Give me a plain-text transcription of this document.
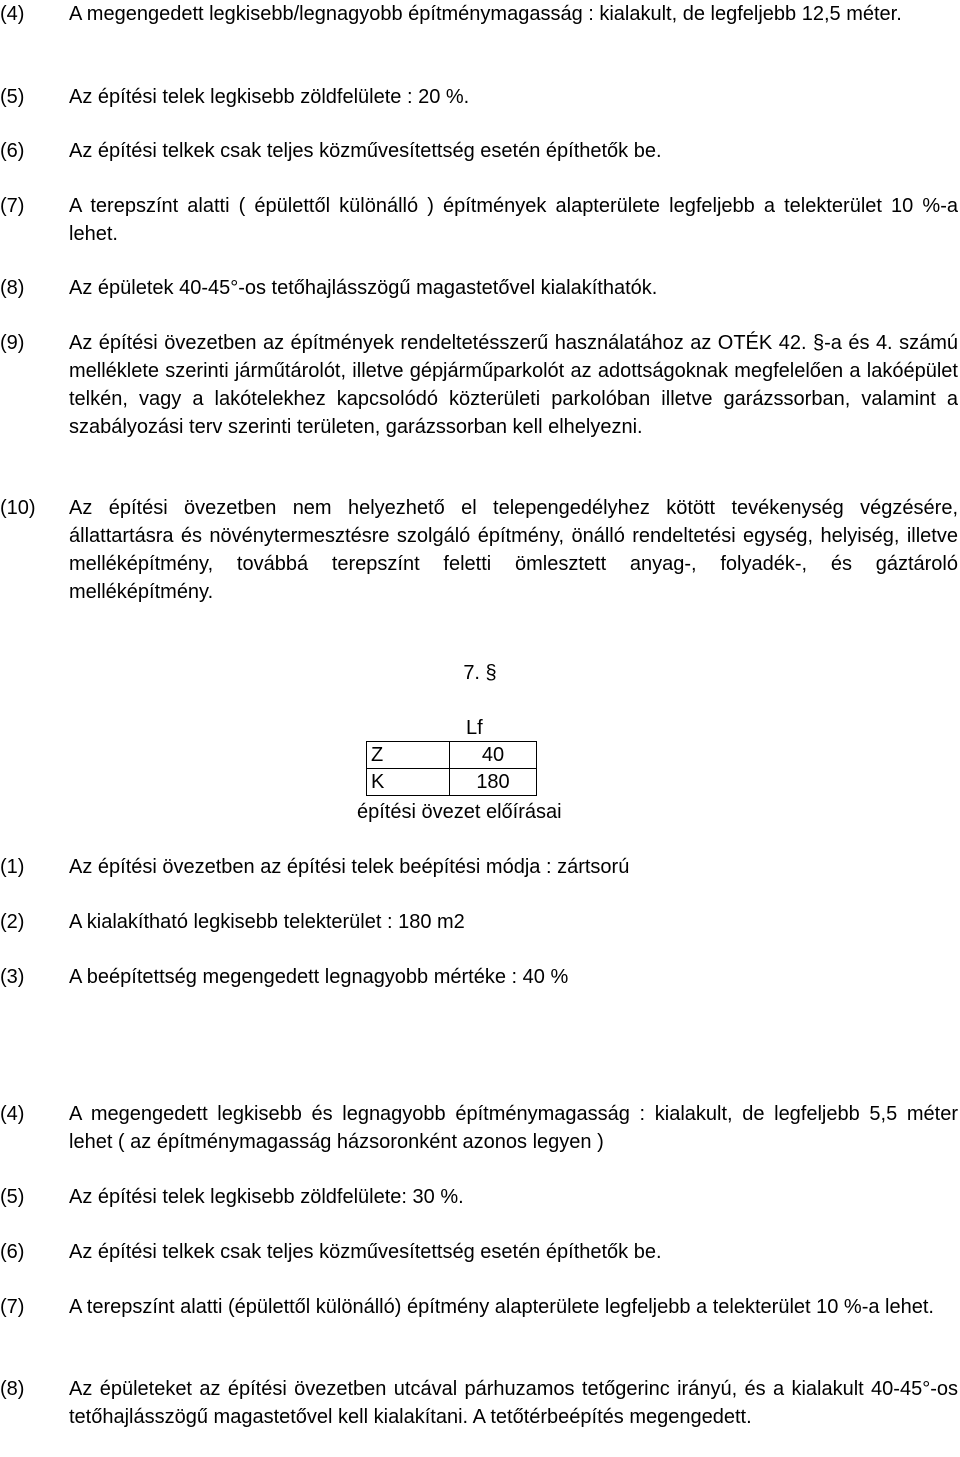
(4)	A megengedett legkisebb/legnagyobb építménymagasság : kialakult, de legfeljebb 12,5 méter.
(5)	Az építési telek legkisebb zöldfelülete : 20 %.
(6)	Az építési telkek csak teljes közművesítettség esetén építhetők be.
(7)	A terepszínt alatti ( épülettől különálló ) építmények alapterülete legfeljebb a telekterület 10 %-a lehet.
(8)	Az épületek 40-45°-os tetőhajlásszögű magastetővel kialakíthatók.
(9)	Az építési övezetben az építmények rendeltetésszerű használatához az OTÉK 42. §-a és 4. számú melléklete szerinti járműtárolót, illetve gépjárműparkolót az adottságoknak megfelelően a lakóépület telkén, vagy a lakótelekhez kapcsolódó közterületi parkolóban illetve garázssorban, valamint a szabályozási terv szerinti területen, garázssorban kell elhelyezni.
(10)	Az építési övezetben nem helyezhető el telepengedélyhez kötött tevékenység végzésére, állattartásra és növénytermesztésre szolgáló építmény, önálló rendeltetési egység, helyiség, illetve melléképítmény, továbbá terepszínt feletti ömlesztett anyag-, folyadék-, és gáztároló melléképítmény.
7. §
Lf
Z	40
K	180
építési övezet előírásai
(1)	Az építési övezetben az építési telek beépítési módja : zártsorú
(2)	A kialakítható legkisebb telekterület : 180 m2
(3)	A beépítettség megengedett legnagyobb mértéke : 40 %
(4)	A megengedett legkisebb és legnagyobb építménymagasság : kialakult, de legfeljebb 5,5 méter lehet ( az építménymagasság házsoronként azonos legyen )
(5)	Az építési telek legkisebb zöldfelülete: 30 %.
(6)	Az építési telkek csak teljes közművesítettség esetén építhetők be.
(7)	A terepszínt alatti (épülettől különálló) építmény alapterülete legfeljebb a telekterület 10 %-a lehet.
(8)	Az épületeket az építési övezetben utcával párhuzamos tetőgerinc irányú, és a kialakult 40-45°-os tetőhajlásszögű magastetővel kell kialakítani. A tetőtérbeépítés megengedett.
